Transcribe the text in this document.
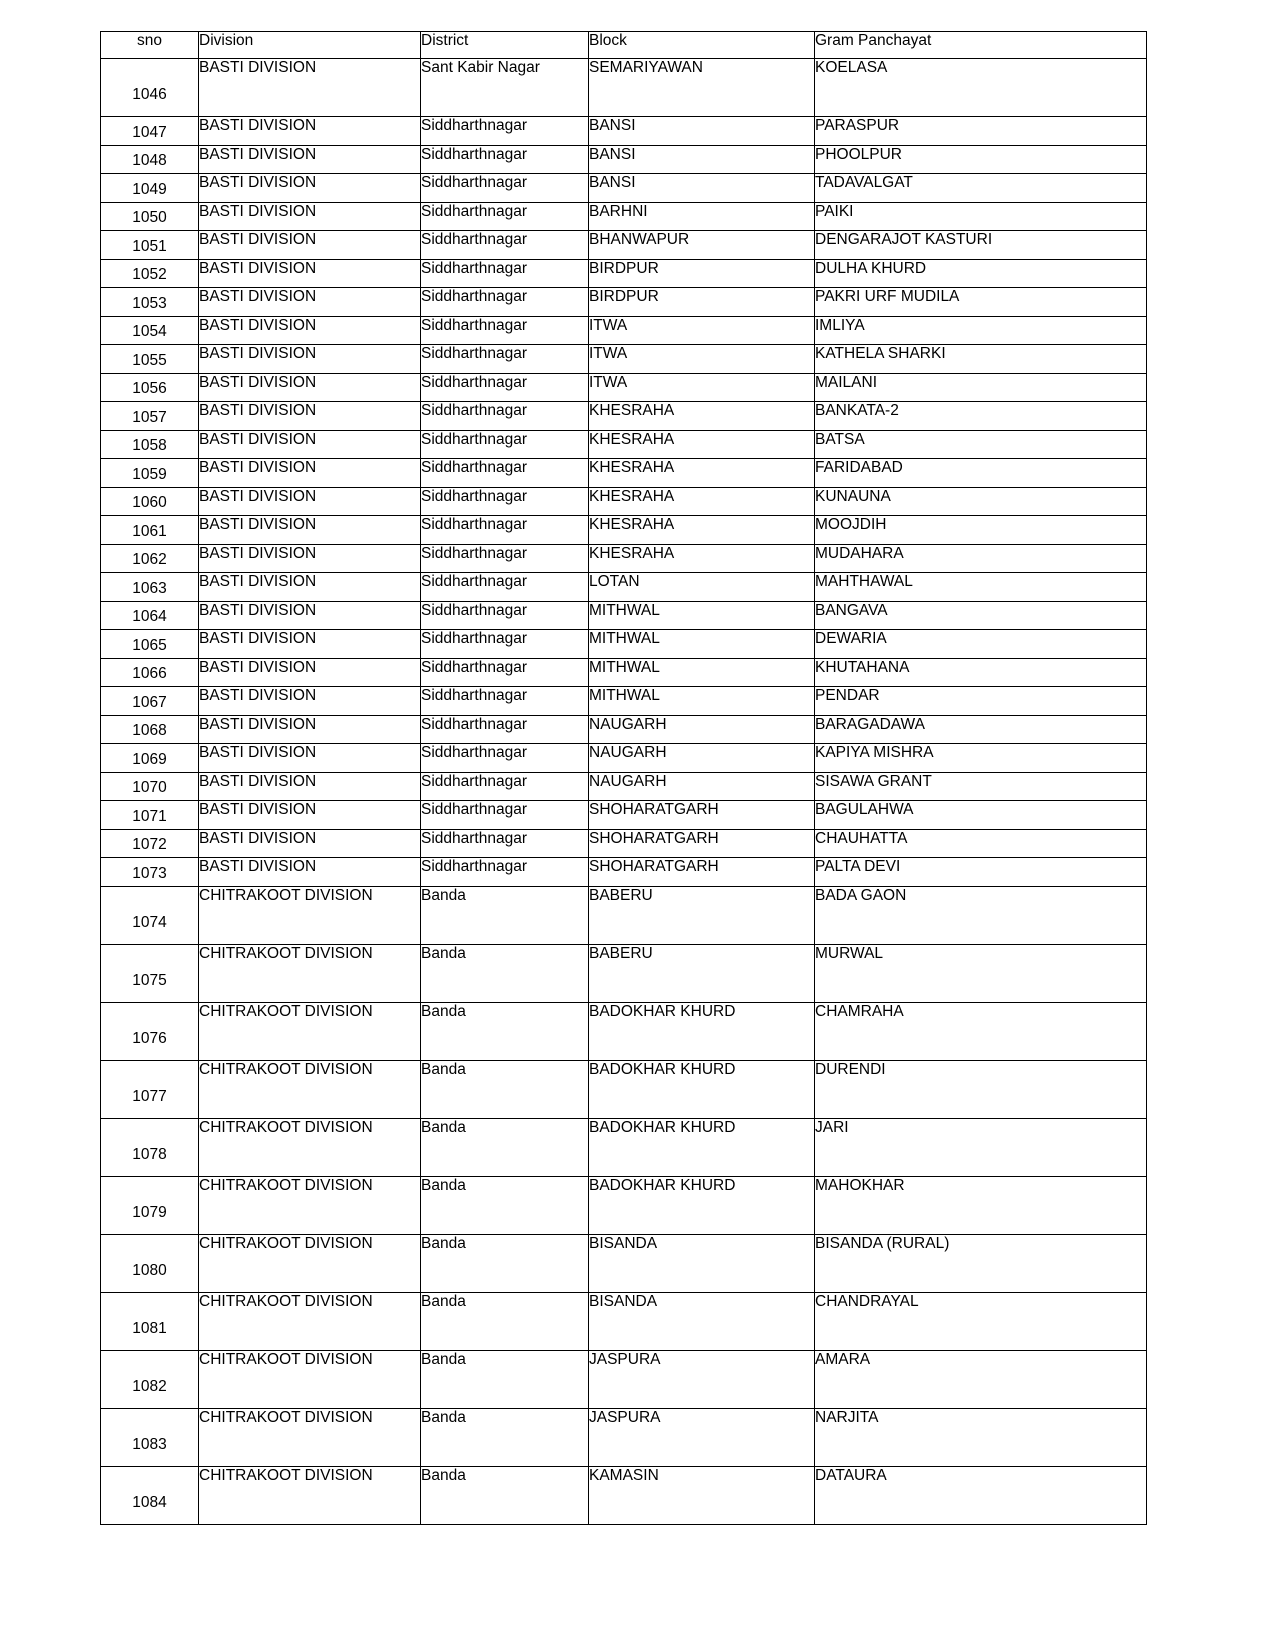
sno	Division	District	Block	Gram Panchayat
1046	BASTI DIVISION	Sant Kabir Nagar	SEMARIYAWAN	KOELASA
1047	BASTI DIVISION	Siddharthnagar	BANSI	PARASPUR
1048	BASTI DIVISION	Siddharthnagar	BANSI	PHOOLPUR
1049	BASTI DIVISION	Siddharthnagar	BANSI	TADAVALGAT
1050	BASTI DIVISION	Siddharthnagar	BARHNI	PAIKI
1051	BASTI DIVISION	Siddharthnagar	BHANWAPUR	DENGARAJOT KASTURI
1052	BASTI DIVISION	Siddharthnagar	BIRDPUR	DULHA KHURD
1053	BASTI DIVISION	Siddharthnagar	BIRDPUR	PAKRI URF MUDILA
1054	BASTI DIVISION	Siddharthnagar	ITWA	IMLIYA
1055	BASTI DIVISION	Siddharthnagar	ITWA	KATHELA SHARKI
1056	BASTI DIVISION	Siddharthnagar	ITWA	MAILANI
1057	BASTI DIVISION	Siddharthnagar	KHESRAHA	BANKATA-2
1058	BASTI DIVISION	Siddharthnagar	KHESRAHA	BATSA
1059	BASTI DIVISION	Siddharthnagar	KHESRAHA	FARIDABAD
1060	BASTI DIVISION	Siddharthnagar	KHESRAHA	KUNAUNA
1061	BASTI DIVISION	Siddharthnagar	KHESRAHA	MOOJDIH
1062	BASTI DIVISION	Siddharthnagar	KHESRAHA	MUDAHARA
1063	BASTI DIVISION	Siddharthnagar	LOTAN	MAHTHAWAL
1064	BASTI DIVISION	Siddharthnagar	MITHWAL	BANGAVA
1065	BASTI DIVISION	Siddharthnagar	MITHWAL	DEWARIA
1066	BASTI DIVISION	Siddharthnagar	MITHWAL	KHUTAHANA
1067	BASTI DIVISION	Siddharthnagar	MITHWAL	PENDAR
1068	BASTI DIVISION	Siddharthnagar	NAUGARH	BARAGADAWA
1069	BASTI DIVISION	Siddharthnagar	NAUGARH	KAPIYA MISHRA
1070	BASTI DIVISION	Siddharthnagar	NAUGARH	SISAWA GRANT
1071	BASTI DIVISION	Siddharthnagar	SHOHARATGARH	BAGULAHWA
1072	BASTI DIVISION	Siddharthnagar	SHOHARATGARH	CHAUHATTA
1073	BASTI DIVISION	Siddharthnagar	SHOHARATGARH	PALTA DEVI
1074	CHITRAKOOT DIVISION	Banda	BABERU	BADA GAON
1075	CHITRAKOOT DIVISION	Banda	BABERU	MURWAL
1076	CHITRAKOOT DIVISION	Banda	BADOKHAR KHURD	CHAMRAHA
1077	CHITRAKOOT DIVISION	Banda	BADOKHAR KHURD	DURENDI
1078	CHITRAKOOT DIVISION	Banda	BADOKHAR KHURD	JARI
1079	CHITRAKOOT DIVISION	Banda	BADOKHAR KHURD	MAHOKHAR
1080	CHITRAKOOT DIVISION	Banda	BISANDA	BISANDA (RURAL)
1081	CHITRAKOOT DIVISION	Banda	BISANDA	CHANDRAYAL
1082	CHITRAKOOT DIVISION	Banda	JASPURA	AMARA
1083	CHITRAKOOT DIVISION	Banda	JASPURA	NARJITA
1084	CHITRAKOOT DIVISION	Banda	KAMASIN	DATAURA
